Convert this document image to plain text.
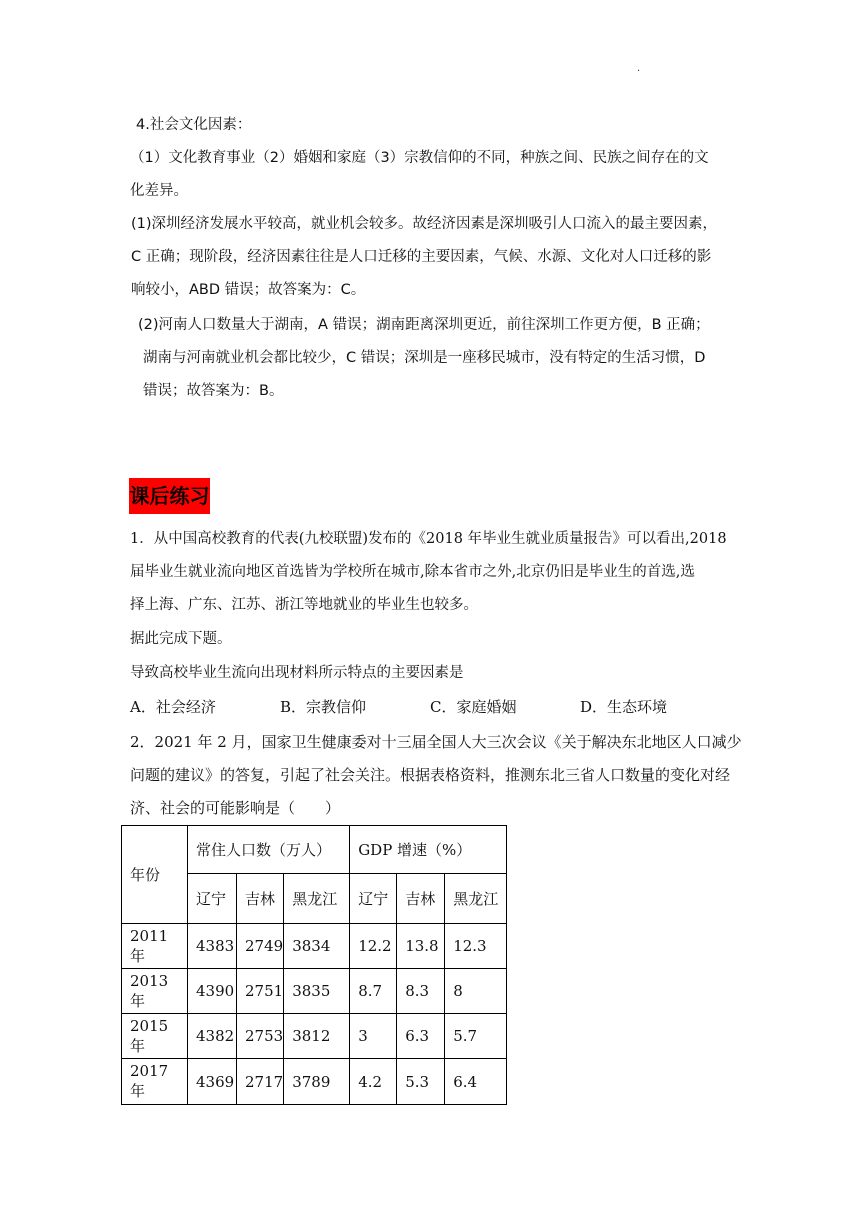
·
4.社会文化因素：
（1）文化教育事业（2）婚姻和家庭（3）宗教信仰的不同，种族之间、民族之间存在的文
化差异。
(1)深圳经济发展水平较高，就业机会较多。故经济因素是深圳吸引人口流入的最主要因素，
C 正确；现阶段，经济因素往往是人口迁移的主要因素，气候、水源、文化对人口迁移的影
响较小，ABD 错误；故答案为：C。
(2)河南人口数量大于湖南，A 错误；湖南距离深圳更近，前往深圳工作更方便，B 正确；
湖南与河南就业机会都比较少，C 错误；深圳是一座移民城市，没有特定的生活习惯，D
错误；故答案为：B。
课后练习
1．从中国高校教育的代表(九校联盟)发布的《2018 年毕业生就业质量报告》可以看出,2018
届毕业生就业流向地区首选皆为学校所在城市,除本省市之外,北京仍旧是毕业生的首选,选
择上海、广东、江苏、浙江等地就业的毕业生也较多。
据此完成下题。
导致高校毕业生流向出现材料所示特点的主要因素是
A．社会经济	B．宗教信仰	C．家庭婚姻	D．生态环境
2．2021 年 2 月，国家卫生健康委对十三届全国人大三次会议《关于解决东北地区人口减少
问题的建议》的答复，引起了社会关注。根据表格资料，推测东北三省人口数量的变化对经
济、社会的可能影响是（　　）
年份	常住人口数（万人）			GDP 增速（%）		
	辽宁	吉林	黑龙江	辽宁	吉林	黑龙江
2011 年	4383	2749	3834	12.2	13.8	12.3
2013 年	4390	2751	3835	8.7	8.3	8
2015 年	4382	2753	3812	3	6.3	5.7
2017 年	4369	2717	3789	4.2	5.3	6.4
